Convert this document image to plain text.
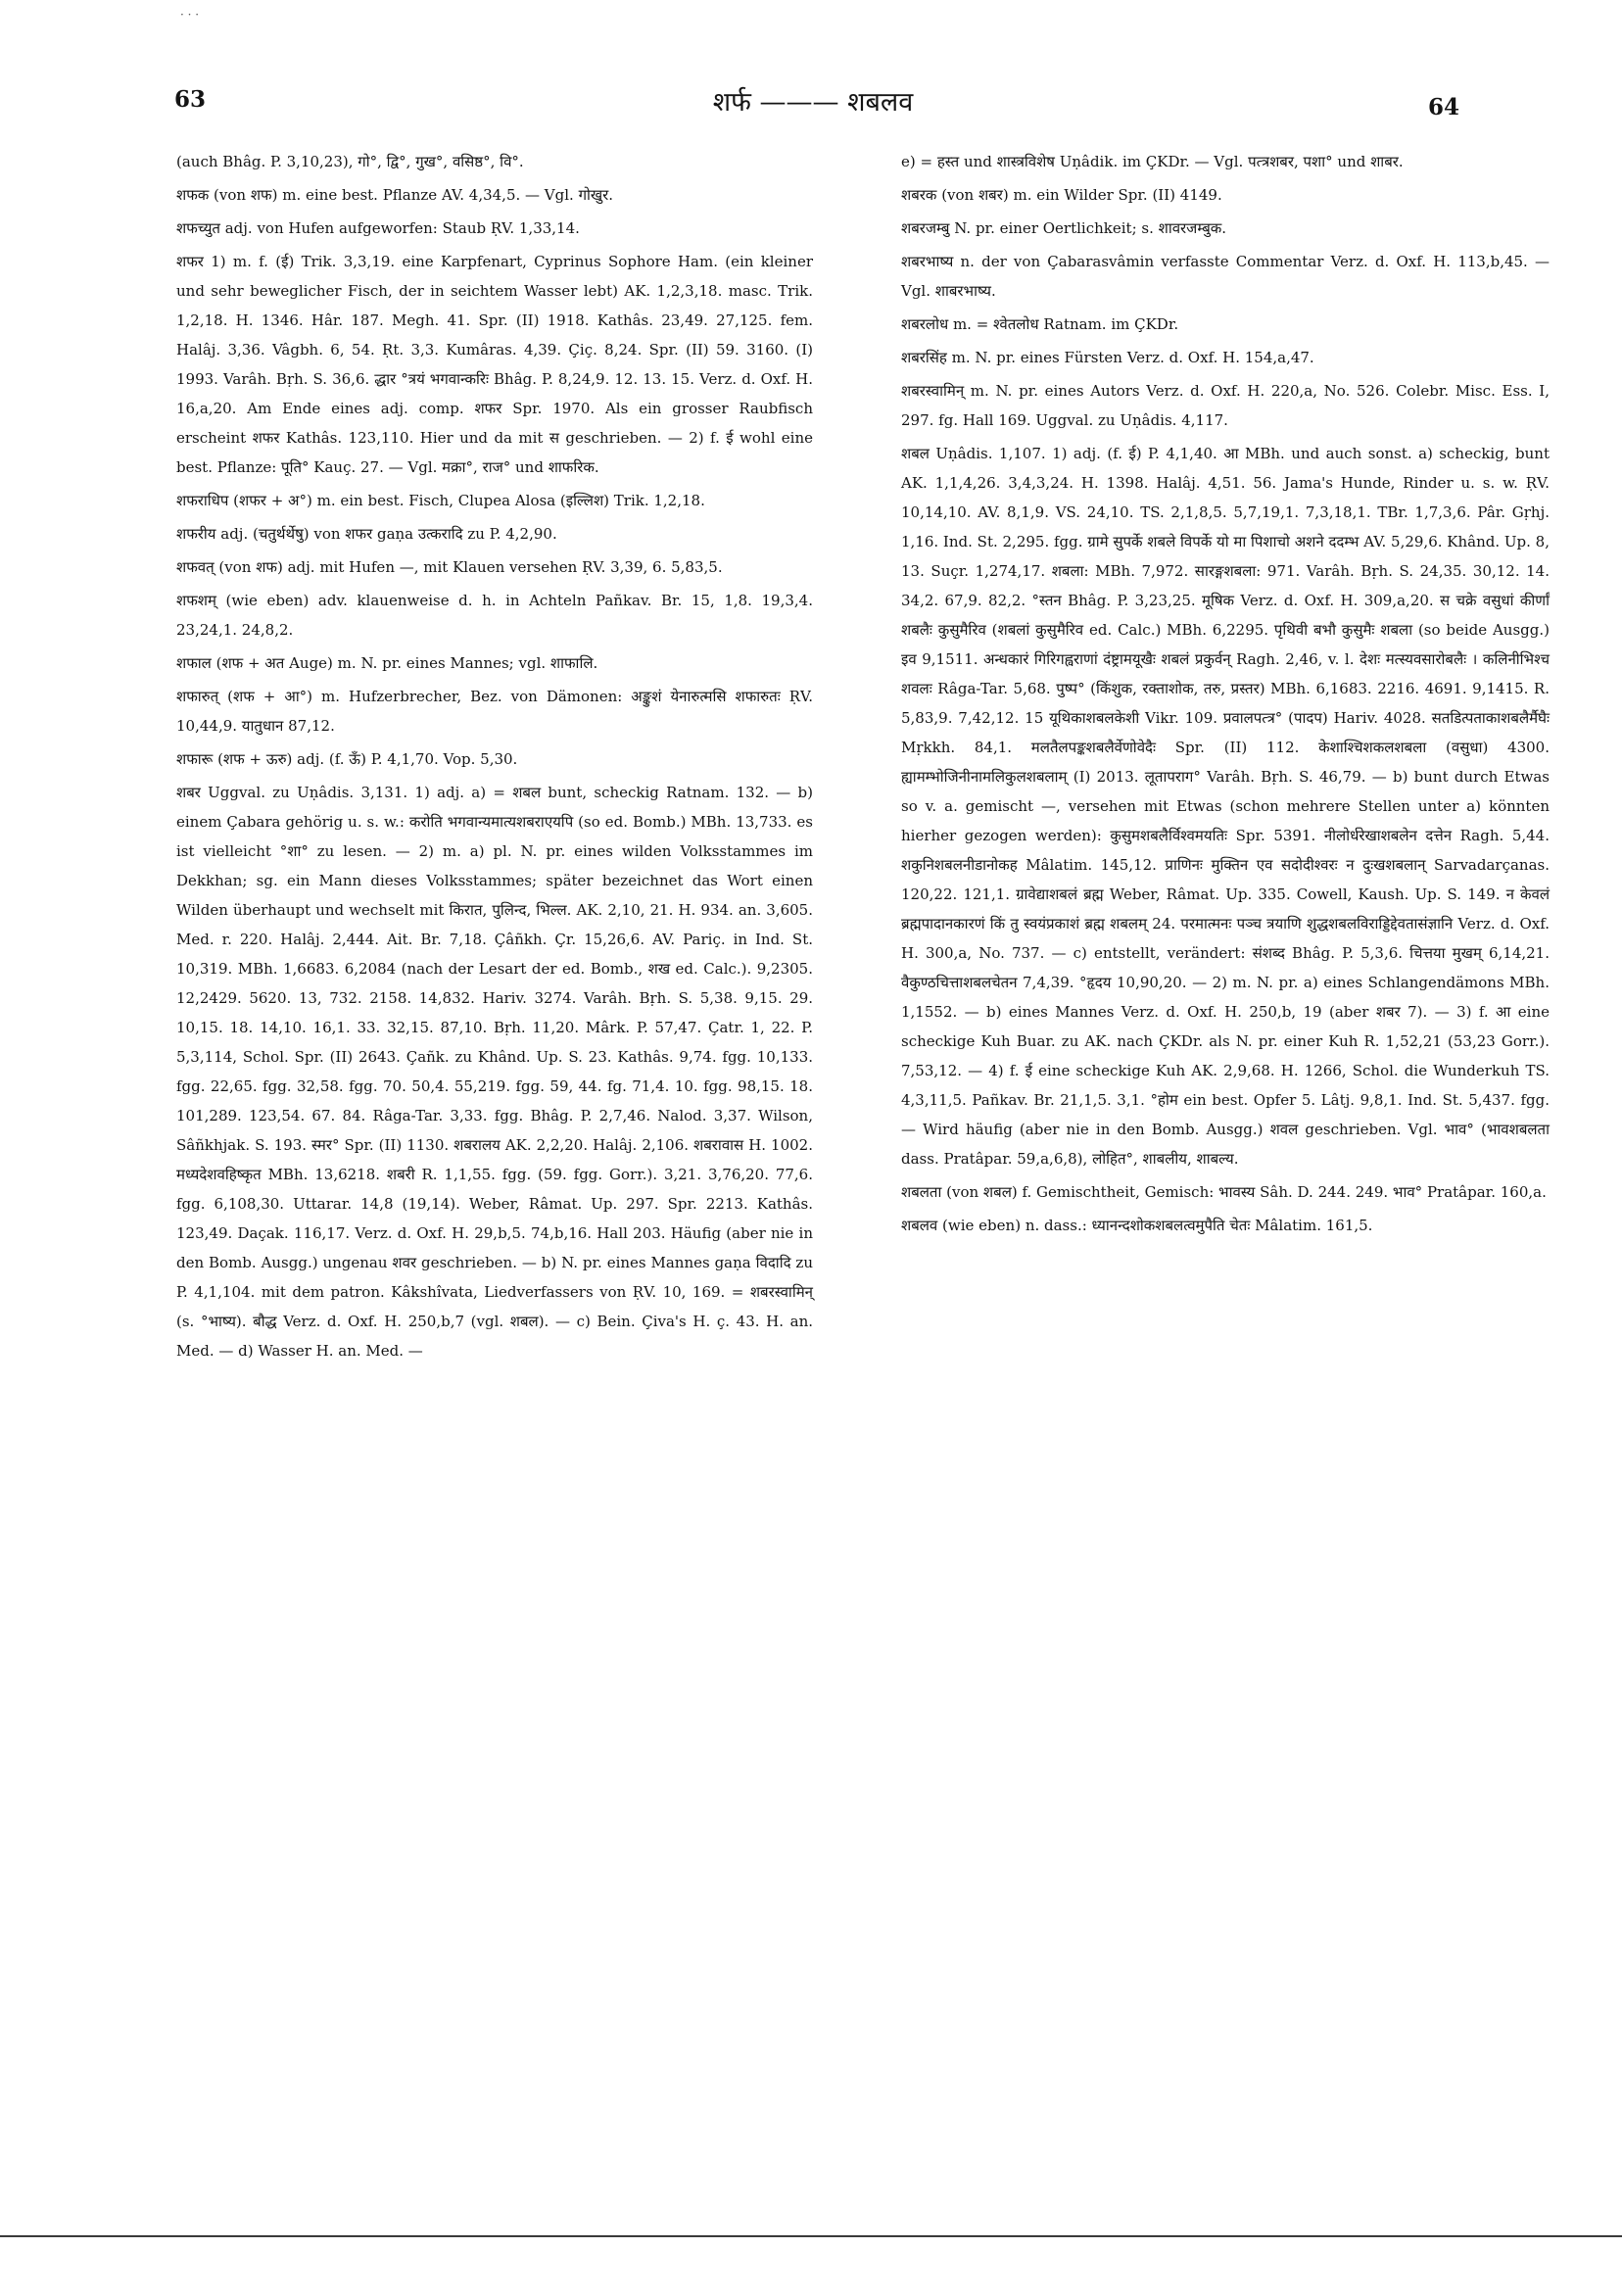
· · ·
63	शर्फ ——— शबलव	64

(auch Bhâg. P. 3,10,23), गो°, द्वि°, गुख°, वसिष्ठ°, वि°.

शफक (von शफ) m. eine best. Pflanze AV. 4,34,5. — Vgl. गोखुर.

शफच्युत adj. von Hufen aufgeworfen: Staub ṚV. 1,33,14.

शफर 1) m. f. (ई) Trik. 3,3,19. eine Karpfenart, Cyprinus Sophore Ham. (ein kleiner und sehr beweglicher Fisch, der in seichtem Wasser lebt) AK. 1,2,3,18. masc. Trik. 1,2,18. H. 1346. Hâr. 187. Megh. 41. Spr. (II) 1918. Kathâs. 23,49. 27,125. fem. Halâj. 3,36. Vâgbh. 6, 54. Ṛt. 3,3. Kumâras. 4,39. Çiç. 8,24. Spr. (II) 59. 3160. (I) 1993. Varâh. Bṛh. S. 36,6. द्धार °त्रयं भगवान्करिः Bhâg. P. 8,24,9. 12. 13. 15. Verz. d. Oxf. H. 16,a,20. Am Ende eines adj. comp. शफर Spr. 1970. Als ein grosser Raubfisch erscheint शफर Kathâs. 123,110. Hier und da mit स geschrieben. — 2) f. ई wohl eine best. Pflanze: पूति° Kauç. 27. — Vgl. मक्रा°, राज° und शाफरिक.

शफराधिप (शफर + अ°) m. ein best. Fisch, Clupea Alosa (इल्लिश) Trik. 1,2,18.

शफरीय adj. (चतुर्थर्थेषु) von शफर gaṇa उत्करादि zu P. 4,2,90.

शफवत् (von शफ) adj. mit Hufen —, mit Klauen versehen ṚV. 3,39, 6. 5,83,5.

शफशम् (wie eben) adv. klauenweise d. h. in Achteln Pañkav. Br. 15, 1,8. 19,3,4. 23,24,1. 24,8,2.

शफाल (शफ + अत Auge) m. N. pr. eines Mannes; vgl. शाफालि.

शफारुत् (शफ + आ°) m. Hufzerbrecher, Bez. von Dämonen: अङ्कुशं येनारुत्मसि शफारुतः ṚV. 10,44,9. यातुधान 87,12.

शफारू (शफ + ऊरु) adj. (f. ऊँ) P. 4,1,70. Vop. 5,30.

शबर Uggval. zu Uṇâdis. 3,131. 1) adj. a) = शबल bunt, scheckig Ratnam. 132. — b) einem Çabara gehörig u. s. w.: करोति भगवान्यमात्यशबराएयपि (so ed. Bomb.) MBh. 13,733. es ist vielleicht °शा° zu lesen. — 2) m. a) pl. N. pr. eines wilden Volksstammes im Dekkhan; sg. ein Mann dieses Volksstammes; später bezeichnet das Wort einen Wilden überhaupt und wechselt mit किरात, पुलिन्द, भिल्ल. AK. 2,10, 21. H. 934. an. 3,605. Med. r. 220. Halâj. 2,444. Ait. Br. 7,18. Çâñkh. Çr. 15,26,6. AV. Pariç. in Ind. St. 10,319. MBh. 1,6683. 6,2084 (nach der Lesart der ed. Bomb., शख ed. Calc.). 9,2305. 12,2429. 5620. 13, 732. 2158. 14,832. Hariv. 3274. Varâh. Bṛh. S. 5,38. 9,15. 29. 10,15. 18. 14,10. 16,1. 33. 32,15. 87,10. Bṛh. 11,20. Mârk. P. 57,47. Çatr. 1, 22. P. 5,3,114, Schol. Spr. (II) 2643. Çañk. zu Khând. Up. S. 23. Kathâs. 9,74. fgg. 10,133. fgg. 22,65. fgg. 32,58. fgg. 70. 50,4. 55,219. fgg. 59, 44. fg. 71,4. 10. fgg. 98,15. 18. 101,289. 123,54. 67. 84. Râga-Tar. 3,33. fgg. Bhâg. P. 2,7,46. Nalod. 3,37. Wilson, Sâñkhjak. S. 193. स्मर° Spr. (II) 1130. शबरालय AK. 2,2,20. Halâj. 2,106. शबरावास H. 1002. मध्यदेशवहिष्कृत MBh. 13,6218. शबरी R. 1,1,55. fgg. (59. fgg. Gorr.). 3,21. 3,76,20. 77,6. fgg. 6,108,30. Uttarar. 14,8 (19,14). Weber, Râmat. Up. 297. Spr. 2213. Kathâs. 123,49. Daçak. 116,17. Verz. d. Oxf. H. 29,b,5. 74,b,16. Hall 203. Häufig (aber nie in den Bomb. Ausgg.) ungenau शवर geschrieben. — b) N. pr. eines Mannes gaṇa विदादि zu P. 4,1,104. mit dem patron. Kâkshîvata, Liedverfassers von ṚV. 10, 169. = शबरस्वामिन् (s. °भाष्य). बौद्ध Verz. d. Oxf. H. 250,b,7 (vgl. शबल). — c) Bein. Çiva's H. ç. 43. H. an. Med. — d) Wasser H. an. Med. —

e) = हस्त und शास्त्रविशेष Uṇâdik. im ÇKDr. — Vgl. पत्त्रशबर, पशा° und शाबर.

शबरक (von शबर) m. ein Wilder Spr. (II) 4149.

शबरजम्बु N. pr. einer Oertlichkeit; s. शावरजम्बुक.

शबरभाष्य n. der von Çabarasvâmin verfasste Commentar Verz. d. Oxf. H. 113,b,45. — Vgl. शाबरभाष्य.

शबरलोध m. = श्वेतलोध Ratnam. im ÇKDr.

शबरसिंह m. N. pr. eines Fürsten Verz. d. Oxf. H. 154,a,47.

शबरस्वामिन् m. N. pr. eines Autors Verz. d. Oxf. H. 220,a, No. 526. Colebr. Misc. Ess. I, 297. fg. Hall 169. Uggval. zu Uṇâdis. 4,117.

शबल Uṇâdis. 1,107. 1) adj. (f. ई) P. 4,1,40. आ MBh. und auch sonst. a) scheckig, bunt AK. 1,1,4,26. 3,4,3,24. H. 1398. Halâj. 4,51. 56. Jama's Hunde, Rinder u. s. w. ṚV. 10,14,10. AV. 8,1,9. VS. 24,10. TS. 2,1,8,5. 5,7,19,1. 7,3,18,1. TBr. 1,7,3,6. Pâr. Gṛhj. 1,16. Ind. St. 2,295. fgg. ग्रामे सुपर्के शबले विपर्के यो मा पिशाचो अशने ददम्भ AV. 5,29,6. Khând. Up. 8, 13. Suçr. 1,274,17. शबला: MBh. 7,972. सारङ्गशबला: 971. Varâh. Bṛh. S. 24,35. 30,12. 14. 34,2. 67,9. 82,2. °स्तन Bhâg. P. 3,23,25. मूषिक Verz. d. Oxf. H. 309,a,20. स चक्रे वसुधां कीर्णां शबलैः कुसुमैरिव (शबलां कुसुमैरिव ed. Calc.) MBh. 6,2295. पृथिवी बभौ कुसुमैः शबला (so beide Ausgg.) इव 9,1511. अन्धकारं गिरिगह्वराणां दंष्ट्रामयूखैः शबलं प्रकुर्वन् Ragh. 2,46, v. l. देशः मत्स्यवसारोबलैः । कलिनीभिश्च शवलः Râga-Tar. 5,68. पुष्प° (किंशुक, रक्ताशोक, तरु, प्रस्तर) MBh. 6,1683. 2216. 4691. 9,1415. R. 5,83,9. 7,42,12. 15 यूथिकाशबलकेशी Vikr. 109. प्रवालपत्त्र° (पादप) Hariv. 4028. सतडित्पताकाशबलैर्मैघैः Mṛkkh. 84,1. मलतैलपङ्कशबलैर्वेणोवेदैः Spr. (II) 112. केशाश्चिशकलशबला (वसुधा) 4300. ह्यामम्भोजिनीनामलिकुलशबलाम् (I) 2013. लूतापराग° Varâh. Bṛh. S. 46,79. — b) bunt durch Etwas so v. a. gemischt —, versehen mit Etwas (schon mehrere Stellen unter a) könnten hierher gezogen werden): कुसुमशबलैर्विश्वमयतिः Spr. 5391. नीलोर्धरेखाशबलेन दत्तेन Ragh. 5,44. शकुनिशबलनीडानोकह Mâlatim. 145,12. प्राणिनः मुक्तिन एव सदोदीश्वरः न दुःखशबलान् Sarvadarçanas. 120,22. 121,1. ग्रावेद्याशबलं ब्रह्म Weber, Râmat. Up. 335. Cowell, Kaush. Up. S. 149. न केवलं ब्रह्मपादानकारणं किं तु स्वयंप्रकाशं ब्रह्म शबलम् 24. परमात्मनः पञ्च त्रयाणि शुद्धशबलविराड्डिद्देवतासंज्ञानि Verz. d. Oxf. H. 300,a, No. 737. — c) entstellt, verändert: संशब्द Bhâg. P. 5,3,6. चित्तया मुखम् 6,14,21. वैकुण्ठचित्ताशबलचेतन 7,4,39. °हृदय 10,90,20. — 2) m. N. pr. a) eines Schlangendämons MBh. 1,1552. — b) eines Mannes Verz. d. Oxf. H. 250,b, 19 (aber शबर 7). — 3) f. आ eine scheckige Kuh Buar. zu AK. nach ÇKDr. als N. pr. einer Kuh R. 1,52,21 (53,23 Gorr.). 7,53,12. — 4) f. ई eine scheckige Kuh AK. 2,9,68. H. 1266, Schol. die Wunderkuh TS. 4,3,11,5. Pañkav. Br. 21,1,5. 3,1. °होम ein best. Opfer 5. Lâtj. 9,8,1. Ind. St. 5,437. fgg. — Wird häufig (aber nie in den Bomb. Ausgg.) शवल geschrieben. Vgl. भाव° (भावशबलता dass. Pratâpar. 59,a,6,8), लोहित°, शाबलीय, शाबल्य.

शबलता (von शबल) f. Gemischtheit, Gemisch: भावस्य Sâh. D. 244. 249. भाव° Pratâpar. 160,a.

शबलव (wie eben) n. dass.: ध्यानन्दशोकशबलत्वमुपैति चेतः Mâlatim. 161,5.
